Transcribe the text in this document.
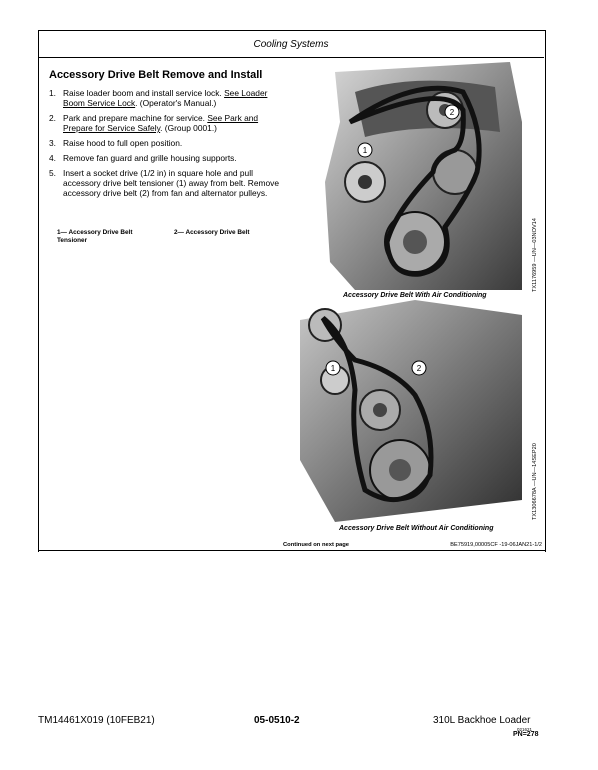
Cooling Systems
Accessory Drive Belt Remove and Install
1. Raise loader boom and install service lock. See Loader Boom Service Lock. (Operator's Manual.)
2. Park and prepare machine for service. See Park and Prepare for Service Safely. (Group 0001.)
3. Raise hood to full open position.
4. Remove fan guard and grille housing supports.
5. Insert a socket drive (1/2 in) in square hole and pull accessory drive belt tensioner (1) away from belt. Remove accessory drive belt (2) from fan and alternator pulleys.
1— Accessory Drive Belt Tensioner
2— Accessory Drive Belt
2
1
Accessory Drive Belt With Air Conditioning
TX1176959 —UN—03NOV14
1	2
Accessory Drive Belt Without Air Conditioning
TX1306678A —UN—14SEP20
Continued on next page	BE75919,00005CF -19-06JAN21-1/2
TM14461X019 (10FEB21)	05-0510-2	310L Backhoe Loader
021621
PN=278
